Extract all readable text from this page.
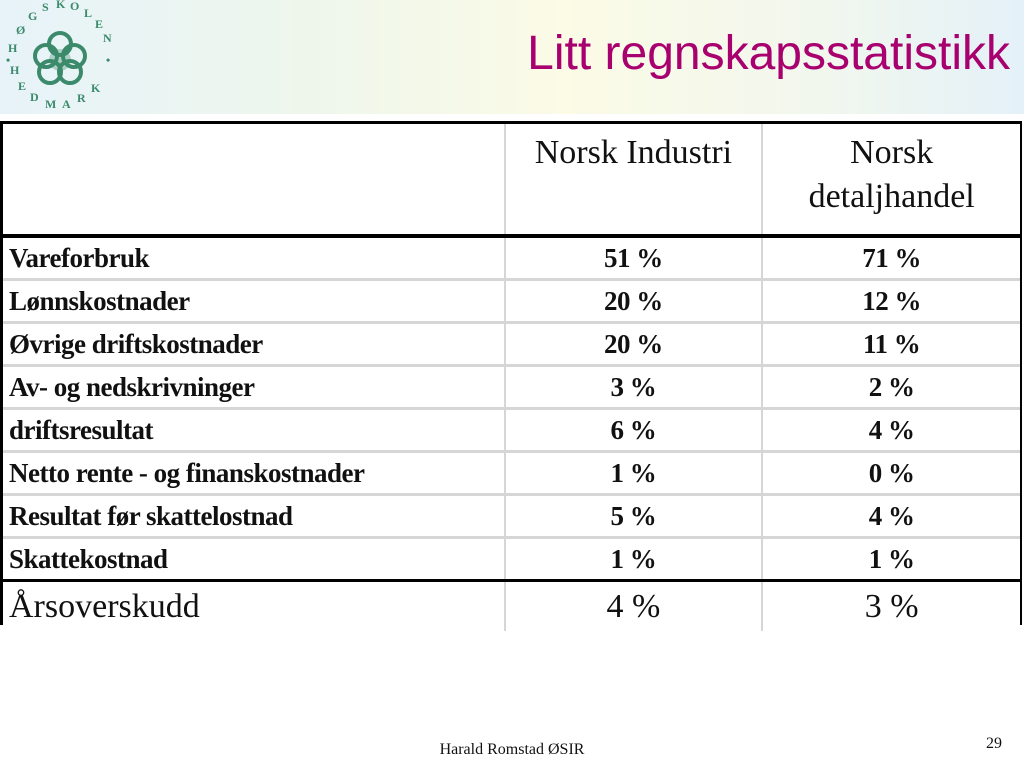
H
Ø
G
S K O L
E
N
H
E
D M A R
K
•	•	Litt regnskapsstatistikk
	Norsk Industri	Norsk
detaljhandel

Vareforbruk	51 %	71 %
Lønnskostnader	20 %	12 %
Øvrige driftskostnader	20 %	11 %
Av- og nedskrivninger	3 %	2 %
driftsresultat	6 %	4 %
Netto rente - og finanskostnader	1 %	0 %
Resultat før skattelostnad	5 %	4 %
Skattekostnad	1 %	1 %
Årsoverskudd	4 %	3 %
Harald Romstad ØSIR	29
